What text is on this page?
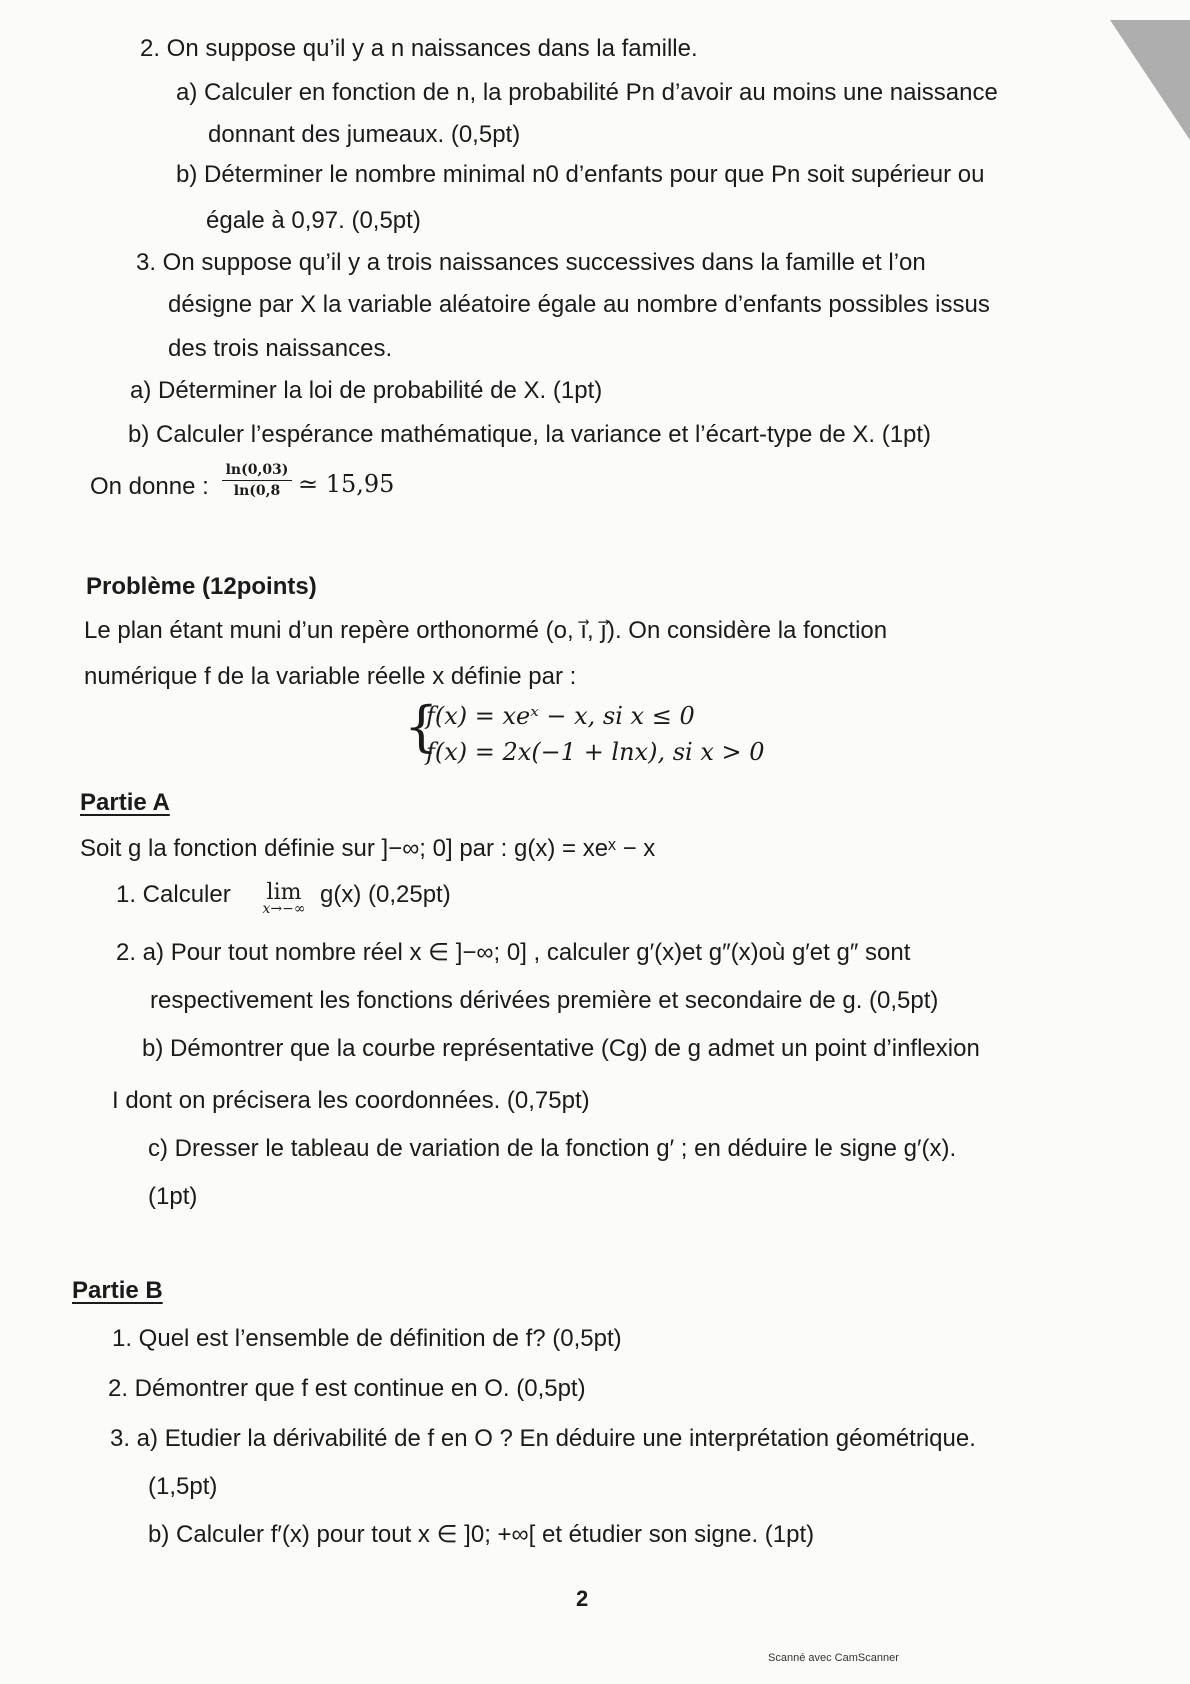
2. On suppose qu’il y a n naissances dans la famille.
a) Calculer en fonction de n, la probabilité Pn d’avoir au moins une naissance
donnant des jumeaux. (0,5pt)
b) Déterminer le nombre minimal n0 d’enfants pour que Pn soit supérieur ou
égale à 0,97. (0,5pt)
3. On suppose qu’il y a trois naissances successives dans la famille et l’on
désigne par X la variable aléatoire égale au nombre d’enfants possibles issus
des trois naissances.
a) Déterminer la loi de probabilité de X. (1pt)
b) Calculer l’espérance mathématique, la variance et l’écart-type de X. (1pt)
On donne : $\frac{\ln(0,03)}{\ln(0,8}$ ≃ 15,95
Problème (12points)
Le plan étant muni d’un repère orthonormé (o, i⃗, j⃗). On considère la fonction
numérique f de la variable réelle x définie par :
{
f(x) = xeˣ − x, si x ≤ 0
f(x) = 2x(−1 + lnx), si x > 0
Partie A
Soit g la fonction définie sur ]−∞; 0] par : g(x) = xeˣ − x
1. Calculer	lim
x→−∞
g(x) (0,25pt)
2. a) Pour tout nombre réel x ∈ ]−∞; 0] , calculer g′(x)et g″(x)où g′et g″ sont
respectivement les fonctions dérivées première et secondaire de g. (0,5pt)
b) Démontrer que la courbe représentative (Cg) de g admet un point d’inflexion
I dont on précisera les coordonnées. (0,75pt)
c) Dresser le tableau de variation de la fonction g′ ; en déduire le signe g′(x).
(1pt)
Partie B
1. Quel est l’ensemble de définition de f? (0,5pt)
2. Démontrer que f est continue en O. (0,5pt)
3. a) Etudier la dérivabilité de f en O ? En déduire une interprétation géométrique.
(1,5pt)
b) Calculer f′(x) pour tout x ∈ ]0; +∞[ et étudier son signe. (1pt)
2
Scanné avec CamScanner
